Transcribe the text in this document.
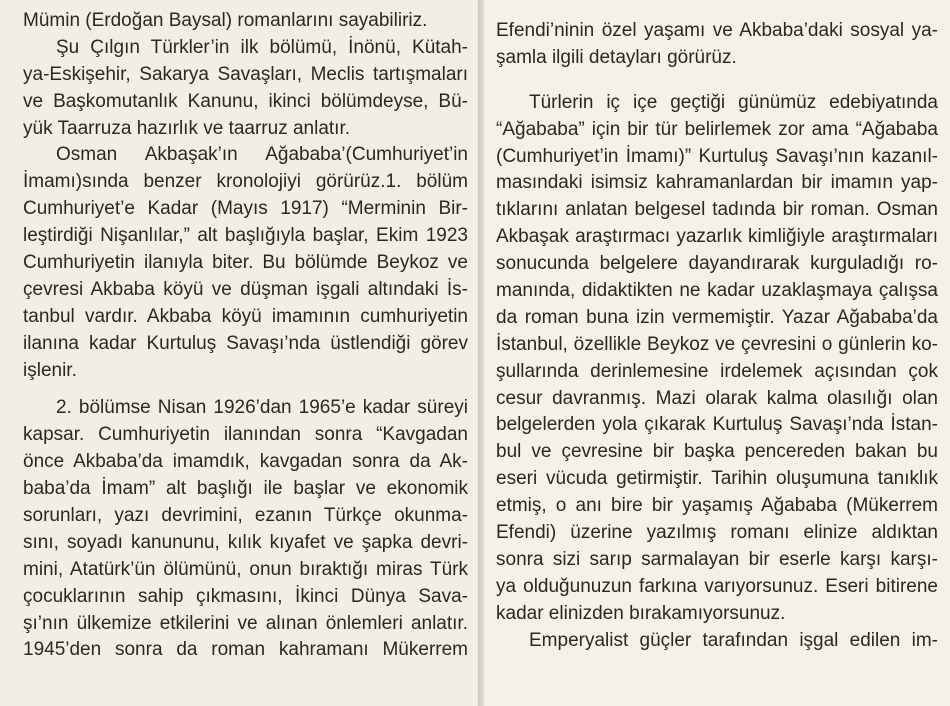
Mümin (Erdoğan Baysal) romanlarını sayabiliriz.
Şu Çılgın Türkler’in ilk bölümü, İnönü, Kütah-
ya-Eskişehir, Sakarya Savaşları, Meclis tartışmaları
ve Başkomutanlık Kanunu, ikinci bölümdeyse, Bü-
yük Taarruza hazırlık ve taarruz anlatır.
Osman Akbaşak’ın Ağababa’(Cumhuriyet’in
İmamı)sında benzer kronolojiyi görürüz.1. bölüm
Cumhuriyet’e Kadar (Mayıs 1917) “Merminin Bir-
leştirdiği Nişanlılar,” alt başlığıyla başlar, Ekim 1923
Cumhuriyetin ilanıyla biter. Bu bölümde Beykoz ve
çevresi Akbaba köyü ve düşman işgali altındaki İs-
tanbul vardır. Akbaba köyü imamının cumhuriyetin
ilanına kadar Kurtuluş Savaşı’nda üstlendiği görev
işlenir.
2. bölümse Nisan 1926’dan 1965’e kadar süreyi
kapsar. Cumhuriyetin ilanından sonra “Kavgadan
önce Akbaba’da imamdık, kavgadan sonra da Ak-
baba’da İmam” alt başlığı ile başlar ve ekonomik
sorunları, yazı devrimini, ezanın Türkçe okunma-
sını, soyadı kanununu, kılık kıyafet ve şapka devri-
mini, Atatürk’ün ölümünü, onun bıraktığı miras Türk
çocuklarının sahip çıkmasını, İkinci Dünya Sava-
şı’nın ülkemize etkilerini ve alınan önlemleri anlatır.
1945’den sonra da roman kahramanı Mükerrem
Efendi’ninin özel yaşamı ve Akbaba’daki sosyal ya-
şamla ilgili detayları görürüz.
Türlerin iç içe geçtiği günümüz edebiyatında
“Ağababa” için bir tür belirlemek zor ama “Ağababa
(Cumhuriyet’in İmamı)” Kurtuluş Savaşı’nın kazanıl-
masındaki isimsiz kahramanlardan bir imamın yap-
tıklarını anlatan belgesel tadında bir roman. Osman
Akbaşak araştırmacı yazarlık kimliğiyle araştırmaları
sonucunda belgelere dayandırarak kurguladığı ro-
manında, didaktikten ne kadar uzaklaşmaya çalışsa
da roman buna izin vermemiştir. Yazar Ağababa’da
İstanbul, özellikle Beykoz ve çevresini o günlerin ko-
şullarında derinlemesine irdelemek açısından çok
cesur davranmış. Mazi olarak kalma olasılığı olan
belgelerden yola çıkarak Kurtuluş Savaşı’nda İstan-
bul ve çevresine bir başka pencereden bakan bu
eseri vücuda getirmiştir. Tarihin oluşumuna tanıklık
etmiş, o anı bire bir yaşamış Ağababa (Mükerrem
Efendi) üzerine yazılmış romanı elinize aldıktan
sonra sizi sarıp sarmalayan bir eserle karşı karşı-
ya olduğunuzun farkına varıyorsunuz. Eseri bitirene
kadar elinizden bırakamıyorsunuz.
Emperyalist güçler tarafından işgal edilen im-
